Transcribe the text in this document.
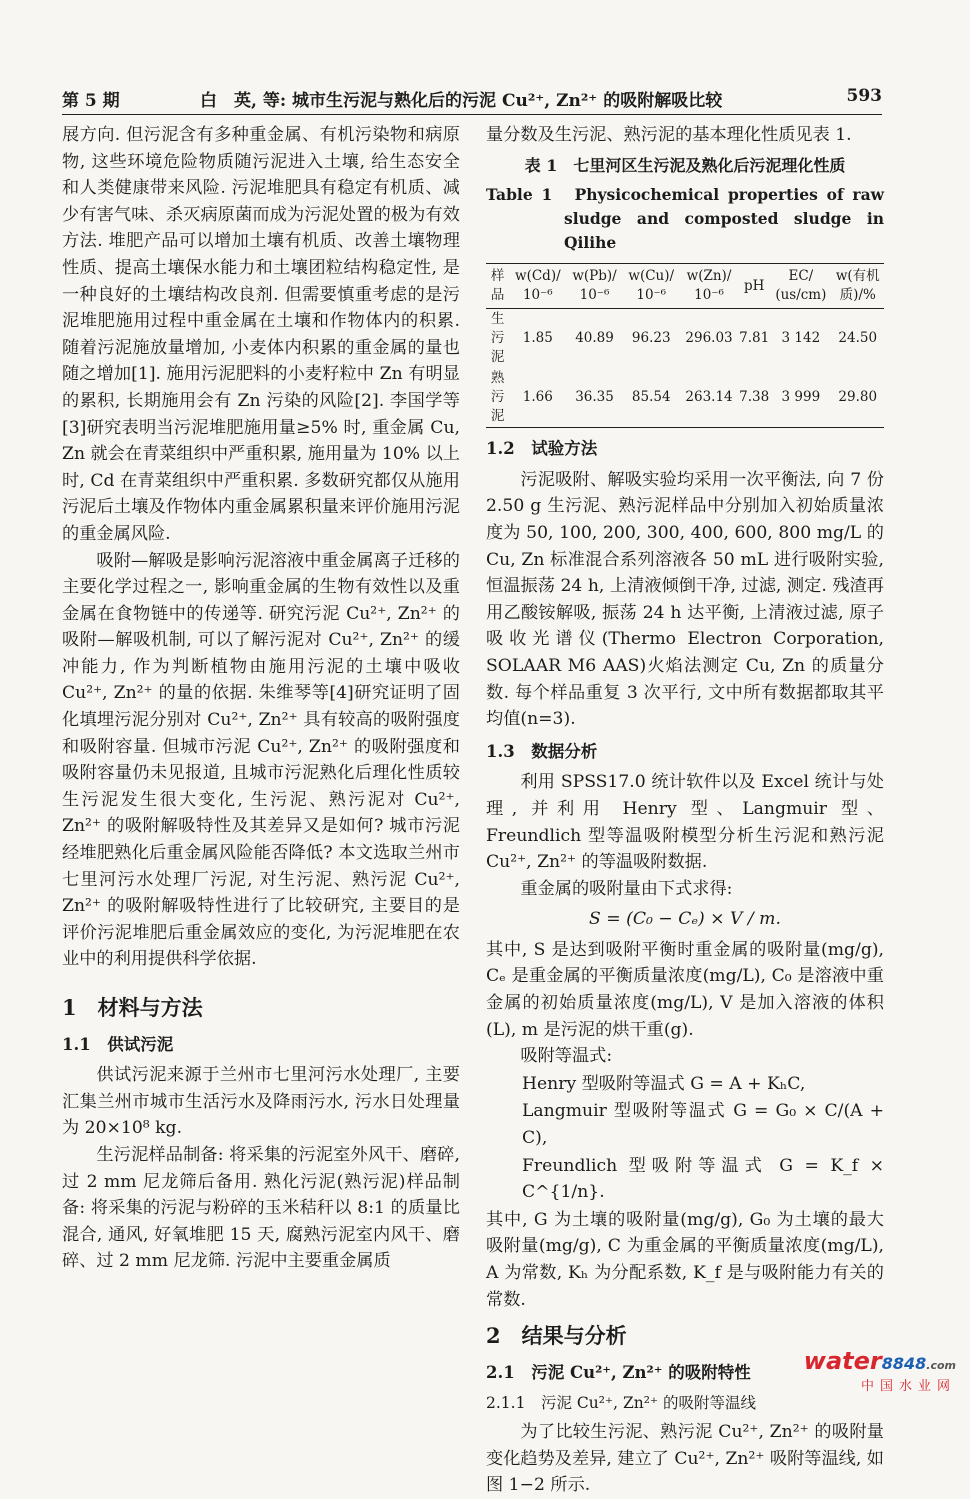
第 5 期	白　英, 等: 城市生污泥与熟化后的污泥 Cu²⁺, Zn²⁺ 的吸附解吸比较	593

展方向. 但污泥含有多种重金属、有机污染物和病原物, 这些环境危险物质随污泥进入土壤, 给生态安全和人类健康带来风险. 污泥堆肥具有稳定有机质、减少有害气味、杀灭病原菌而成为污泥处置的极为有效方法. 堆肥产品可以增加土壤有机质、改善土壤物理性质、提高土壤保水能力和土壤团粒结构稳定性, 是一种良好的土壤结构改良剂. 但需要慎重考虑的是污泥堆肥施用过程中重金属在土壤和作物体内的积累. 随着污泥施放量增加, 小麦体内积累的重金属的量也随之增加[1]. 施用污泥肥料的小麦籽粒中 Zn 有明显的累积, 长期施用会有 Zn 污染的风险[2]. 李国学等[3]研究表明当污泥堆肥施用量≥5% 时, 重金属 Cu, Zn 就会在青菜组织中严重积累, 施用量为 10% 以上时, Cd 在青菜组织中严重积累. 多数研究都仅从施用污泥后土壤及作物体内重金属累积量来评价施用污泥的重金属风险.

吸附—解吸是影响污泥溶液中重金属离子迁移的主要化学过程之一, 影响重金属的生物有效性以及重金属在食物链中的传递等. 研究污泥 Cu²⁺, Zn²⁺ 的吸附—解吸机制, 可以了解污泥对 Cu²⁺, Zn²⁺ 的缓冲能力, 作为判断植物由施用污泥的土壤中吸收 Cu²⁺, Zn²⁺ 的量的依据. 朱维琴等[4]研究证明了固化填埋污泥分别对 Cu²⁺, Zn²⁺ 具有较高的吸附强度和吸附容量. 但城市污泥 Cu²⁺, Zn²⁺ 的吸附强度和吸附容量仍未见报道, 且城市污泥熟化后理化性质较生污泥发生很大变化, 生污泥、熟污泥对 Cu²⁺, Zn²⁺ 的吸附解吸特性及其差异又是如何? 城市污泥经堆肥熟化后重金属风险能否降低? 本文选取兰州市七里河污水处理厂污泥, 对生污泥、熟污泥 Cu²⁺, Zn²⁺ 的吸附解吸特性进行了比较研究, 主要目的是评价污泥堆肥后重金属效应的变化, 为污泥堆肥在农业中的利用提供科学依据.

1　材料与方法

1.1　供试污泥

供试污泥来源于兰州市七里河污水处理厂, 主要汇集兰州市城市生活污水及降雨污水, 污水日处理量为 20×10⁸ kg.

生污泥样品制备: 将采集的污泥室外风干、磨碎, 过 2 mm 尼龙筛后备用. 熟化污泥(熟污泥)样品制备: 将采集的污泥与粉碎的玉米秸秆以 8:1 的质量比混合, 通风, 好氧堆肥 15 天, 腐熟污泥室内风干、磨碎、过 2 mm 尼龙筛. 污泥中主要重金属质

量分数及生污泥、熟污泥的基本理化性质见表 1.

表 1　七里河区生污泥及熟化后污泥理化性质

Table 1　Physicochemical properties of raw sludge and composted sludge in Qilihe

样品	w(Cd)/ 10⁻⁶	w(Pb)/ 10⁻⁶	w(Cu)/ 10⁻⁶	w(Zn)/ 10⁻⁶	pH	EC/ (us/cm)	w(有机质)/%
生污泥	1.85	40.89	96.23	296.03	7.81	3 142	24.50
熟污泥	1.66	36.35	85.54	263.14	7.38	3 999	29.80

1.2　试验方法

污泥吸附、解吸实验均采用一次平衡法, 向 7 份 2.50 g 生污泥、熟污泥样品中分别加入初始质量浓度为 50, 100, 200, 300, 400, 600, 800 mg/L 的 Cu, Zn 标准混合系列溶液各 50 mL 进行吸附实验, 恒温振荡 24 h, 上清液倾倒干净, 过滤, 测定. 残渣再用乙酸铵解吸, 振荡 24 h 达平衡, 上清液过滤, 原子吸收光谱仪(Thermo Electron Corporation, SOLAAR M6 AAS)火焰法测定 Cu, Zn 的质量分数. 每个样品重复 3 次平行, 文中所有数据都取其平均值(n=3).

1.3　数据分析

利用 SPSS17.0 统计软件以及 Excel 统计与处理, 并利用 Henry 型、Langmuir 型、Freundlich 型等温吸附模型分析生污泥和熟污泥 Cu²⁺, Zn²⁺ 的等温吸附数据.

重金属的吸附量由下式求得:

S = (C₀ − Cₑ) × V / m.

其中, S 是达到吸附平衡时重金属的吸附量(mg/g), Cₑ 是重金属的平衡质量浓度(mg/L), C₀ 是溶液中重金属的初始质量浓度(mg/L), V 是加入溶液的体积(L), m 是污泥的烘干重(g).

吸附等温式:

Henry 型吸附等温式 G = A + KₕC,

Langmuir 型吸附等温式 G = G₀ × C/(A + C),

Freundlich 型吸附等温式 G = K_f × C^{1/n}.

其中, G 为土壤的吸附量(mg/g), G₀ 为土壤的最大吸附量(mg/g), C 为重金属的平衡质量浓度(mg/L), A 为常数, Kₕ 为分配系数, K_f 是与吸附能力有关的常数.

2　结果与分析

2.1　污泥 Cu²⁺, Zn²⁺ 的吸附特性

2.1.1　污泥 Cu²⁺, Zn²⁺ 的吸附等温线

为了比较生污泥、熟污泥 Cu²⁺, Zn²⁺ 的吸附量变化趋势及差异, 建立了 Cu²⁺, Zn²⁺ 吸附等温线, 如图 1−2 所示.

water8848.com
中国水业网
